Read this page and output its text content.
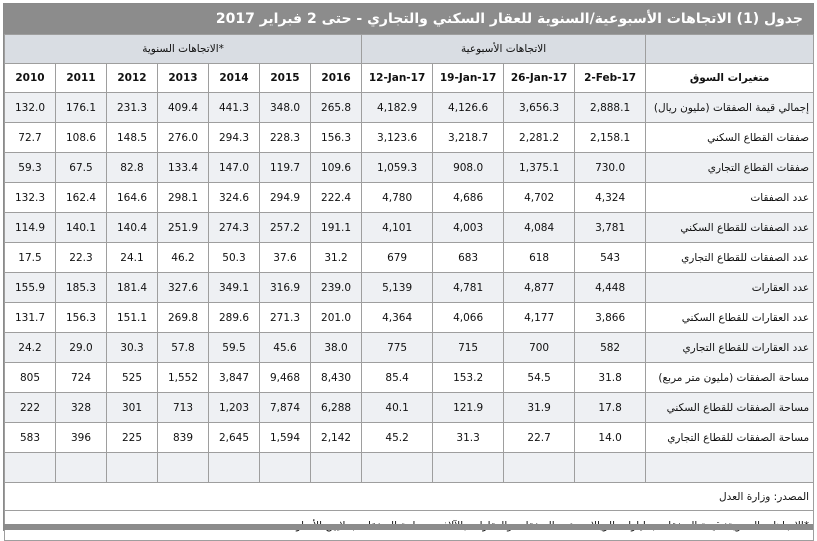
جدول (1) الاتجاهات الأسبوعية/السنوية للعقار السكني والتجاري - حتى 2 فبراير 2017
الاتجاهات السنوية*							الاتجاهات الأسبوعية				
2010	2011	2012	2013	2014	2015	2016	12-Jan-17	19-Jan-17	26-Jan-17	2-Feb-17	متغيرات السوق
132.0	176.1	231.3	409.4	441.3	348.0	265.8	4,182.9	4,126.6	3,656.3	2,888.1	إجمالي قيمة الصفقات (مليون ريال)
72.7	108.6	148.5	276.0	294.3	228.3	156.3	3,123.6	3,218.7	2,281.2	2,158.1	صفقات القطاع السكني
59.3	67.5	82.8	133.4	147.0	119.7	109.6	1,059.3	908.0	1,375.1	730.0	صفقات القطاع التجاري
132.3	162.4	164.6	298.1	324.6	294.9	222.4	4,780	4,686	4,702	4,324	عدد الصفقات
114.9	140.1	140.4	251.9	274.3	257.2	191.1	4,101	4,003	4,084	3,781	عدد الصفقات للقطاع السكني
17.5	22.3	24.1	46.2	50.3	37.6	31.2	679	683	618	543	عدد الصفقات للقطاع التجاري
155.9	185.3	181.4	327.6	349.1	316.9	239.0	5,139	4,781	4,877	4,448	عدد العقارات
131.7	156.3	151.1	269.8	289.6	271.3	201.0	4,364	4,066	4,177	3,866	عدد العقارات للقطاع السكني
24.2	29.0	30.3	57.8	59.5	45.6	38.0	775	715	700	582	عدد العقارات للقطاع التجاري
805	724	525	1,552	3,847	9,468	8,430	85.4	153.2	54.5	31.8	مساحة الصفقات (مليون متر مربع)
222	328	301	713	1,203	7,874	6,288	40.1	121.9	31.9	17.8	مساحة الصفقات للقطاع السكني
583	396	225	839	2,645	1,594	2,142	45.2	31.3	22.7	14.0	مساحة الصفقات للقطاع التجاري

المصدر: وزارة العدل											
